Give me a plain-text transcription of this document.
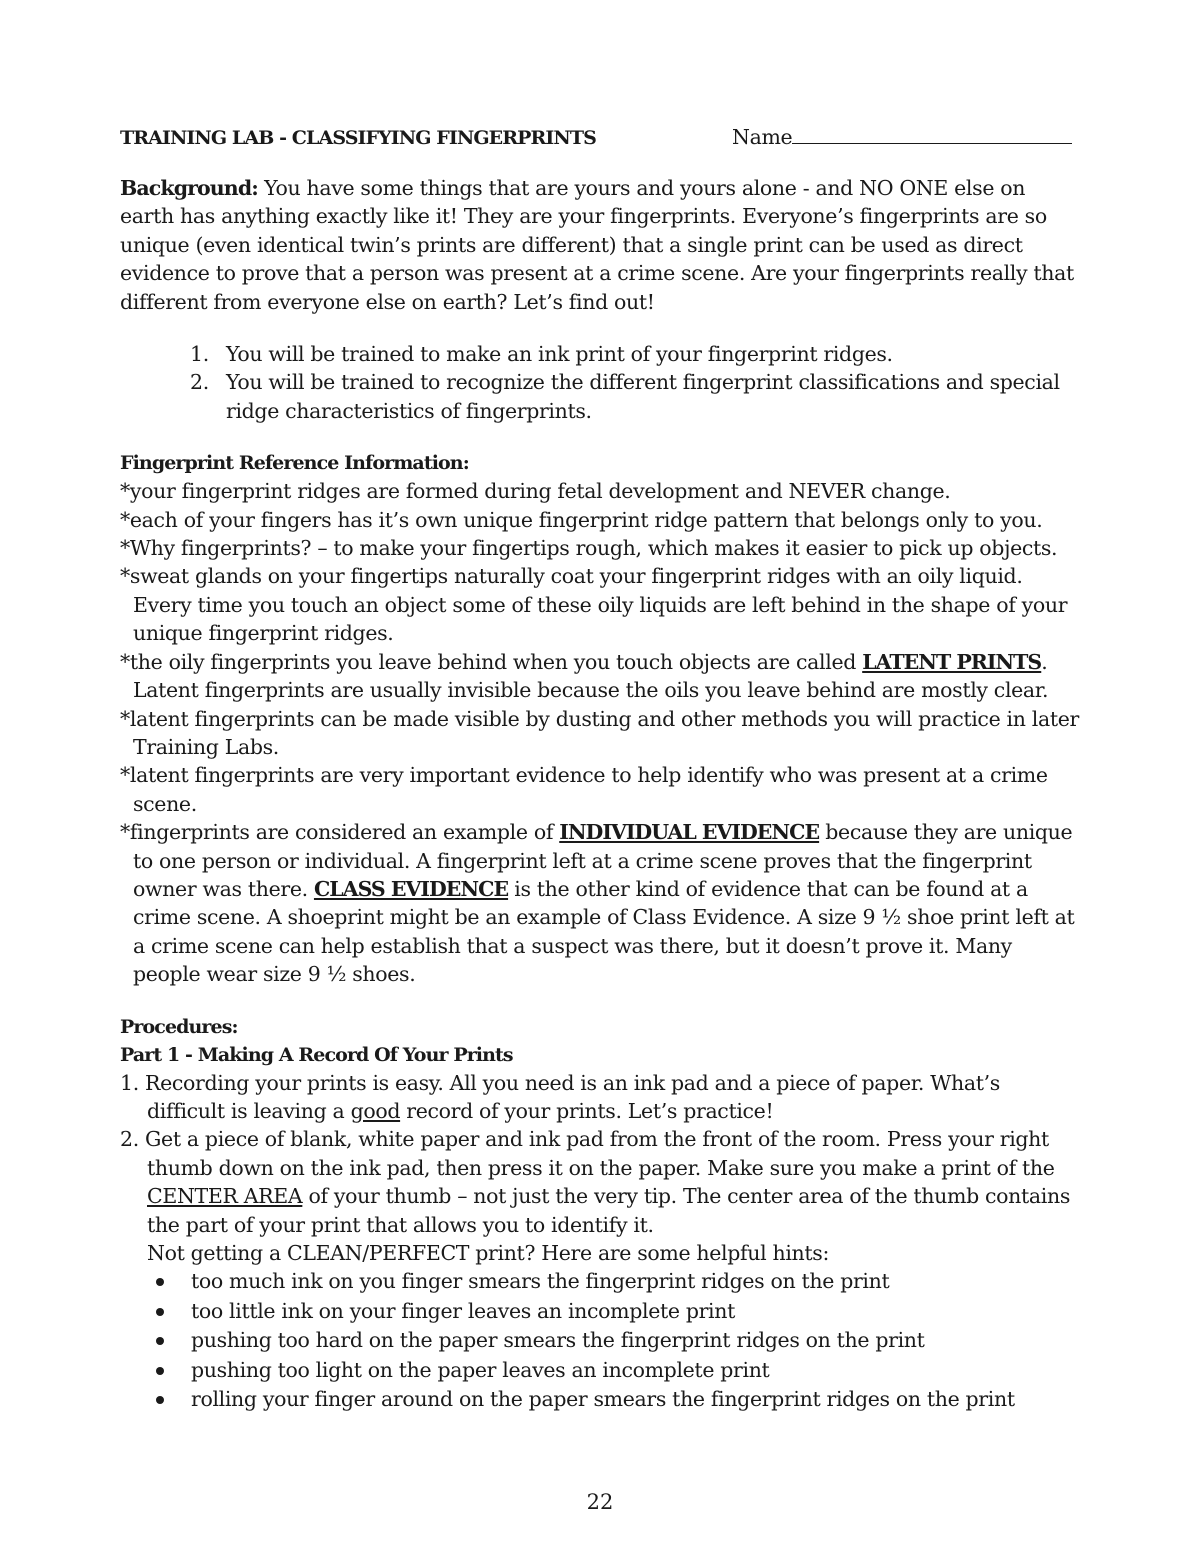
TRAINING LAB - CLASSIFYING FINGERPRINTS	Name

Background: You have some things that are yours and yours alone - and NO ONE else on earth has anything exactly like it! They are your fingerprints. Everyone’s fingerprints are so unique (even identical twin’s prints are different) that a single print can be used as direct evidence to prove that a person was present at a crime scene. Are your fingerprints really that different from everyone else on earth? Let’s find out!

1. You will be trained to make an ink print of your fingerprint ridges.
2. You will be trained to recognize the different fingerprint classifications and special ridge characteristics of fingerprints.
Fingerprint Reference Information:
*your fingerprint ridges are formed during fetal development and NEVER change.
*each of your fingers has it’s own unique fingerprint ridge pattern that belongs only to you.
*Why fingerprints? – to make your fingertips rough, which makes it easier to pick up objects.
*sweat glands on your fingertips naturally coat your fingerprint ridges with an oily liquid. Every time you touch an object some of these oily liquids are left behind in the shape of your unique fingerprint ridges.
*the oily fingerprints you leave behind when you touch objects are called LATENT PRINTS. Latent fingerprints are usually invisible because the oils you leave behind are mostly clear.
*latent fingerprints can be made visible by dusting and other methods you will practice in later Training Labs.
*latent fingerprints are very important evidence to help identify who was present at a crime scene.
*fingerprints are considered an example of INDIVIDUAL EVIDENCE because they are unique to one person or individual. A fingerprint left at a crime scene proves that the fingerprint owner was there. CLASS EVIDENCE is the other kind of evidence that can be found at a crime scene. A shoeprint might be an example of Class Evidence. A size 9 ½ shoe print left at a crime scene can help establish that a suspect was there, but it doesn’t prove it. Many people wear size 9 ½ shoes.
Procedures:
Part 1 - Making A Record Of Your Prints
1. Recording your prints is easy. All you need is an ink pad and a piece of paper. What’s difficult is leaving a good record of your prints. Let’s practice!
2. Get a piece of blank, white paper and ink pad from the front of the room. Press your right thumb down on the ink pad, then press it on the paper. Make sure you make a print of the CENTER AREA of your thumb – not just the very tip. The center area of the thumb contains the part of your print that allows you to identify it.
Not getting a CLEAN/PERFECT print? Here are some helpful hints:
too much ink on you finger smears the fingerprint ridges on the print
too little ink on your finger leaves an incomplete print
pushing too hard on the paper smears the fingerprint ridges on the print
pushing too light on the paper leaves an incomplete print
rolling your finger around on the paper smears the fingerprint ridges on the print
22
